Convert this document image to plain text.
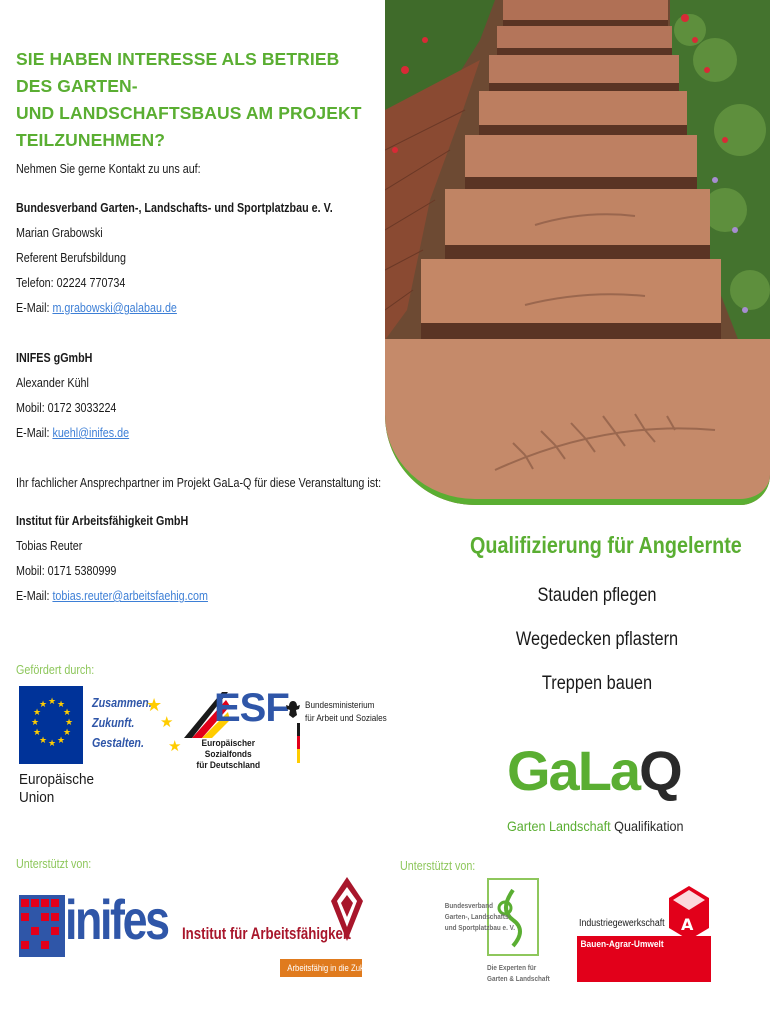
SIE HABEN INTERESSE ALS BETRIEB DES GARTEN-
UND LANDSCHAFTSBAUS AM PROJEKT
TEILZUNEHMEN?
Nehmen Sie gerne Kontakt zu uns auf:
Bundesverband Garten-, Landschafts- und Sportplatzbau e. V.
Marian Grabowski
Referent Berufsbildung
Telefon: 02224 770734
E-Mail: m.grabowski@galabau.de
INIFES gGmbH
Alexander Kühl
Mobil: 0172 3033224
E-Mail: kuehl@inifes.de
Ihr fachlicher Ansprechpartner im Projekt GaLa-Q für diese Veranstaltung ist:
Institut für Arbeitsfähigkeit GmbH
Tobias Reuter
Mobil: 0171 5380999
E-Mail: tobias.reuter@arbeitsfaehig.com
Gefördert durch:
★ ★
★
★
★
★
★
★
★
★
★
★
Europäische
Union
Zusammen.
Zukunft.
Gestalten.
★
★
★
ESF
Europäischer Sozialfonds
für Deutschland
Bundesministerium
für Arbeit und Soziales
Unterstützt von:
inifes Institut für Arbeitsfähigkeit
Arbeitsfähig in die Zukunft
Qualifizierung für Angelernte
Stauden pflegen
Wegedecken pflastern
Treppen bauen
GaLaQ
Garten Landschaft Qualifikation
Unterstützt von:
Bundesverband
Garten-, Landschafts-
und Sportplatzbau e. V.
Die Experten für
Garten & Landschaft
A
Industriegewerkschaft
Bauen-Agrar-Umwelt
